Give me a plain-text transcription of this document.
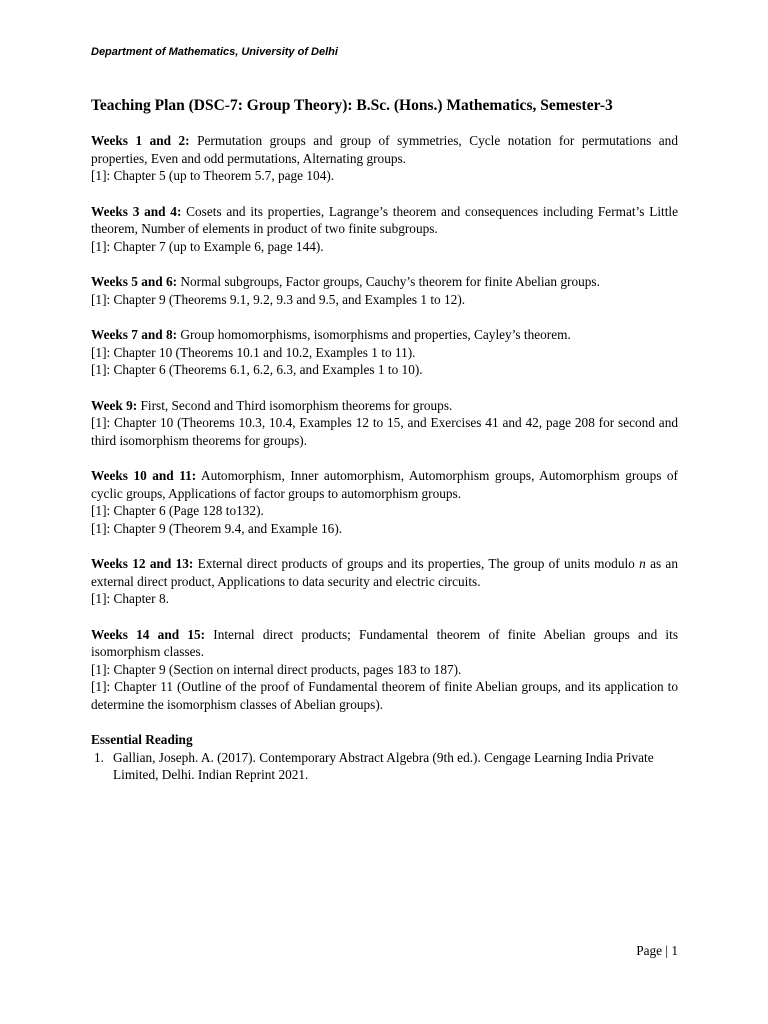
Department of Mathematics, University of Delhi
Teaching Plan (DSC-7: Group Theory): B.Sc. (Hons.) Mathematics, Semester-3

Weeks 1 and 2: Permutation groups and group of symmetries, Cycle notation for permutations and properties, Even and odd permutations, Alternating groups.

[1]: Chapter 5 (up to Theorem 5.7, page 104).

Weeks 3 and 4: Cosets and its properties, Lagrange’s theorem and consequences including Fermat’s Little theorem, Number of elements in product of two finite subgroups.

[1]: Chapter 7 (up to Example 6, page 144).

Weeks 5 and 6: Normal subgroups, Factor groups, Cauchy’s theorem for finite Abelian groups.

[1]: Chapter 9 (Theorems 9.1, 9.2, 9.3 and 9.5, and Examples 1 to 12).

Weeks 7 and 8: Group homomorphisms, isomorphisms and properties, Cayley’s theorem.

[1]: Chapter 10 (Theorems 10.1 and 10.2, Examples 1 to 11).

[1]: Chapter 6 (Theorems 6.1, 6.2, 6.3, and Examples 1 to 10).

Week 9: First, Second and Third isomorphism theorems for groups.

[1]: Chapter 10 (Theorems 10.3, 10.4, Examples 12 to 15, and Exercises 41 and 42, page 208 for second and third isomorphism theorems for groups).

Weeks 10 and 11: Automorphism, Inner automorphism, Automorphism groups, Automorphism groups of cyclic groups, Applications of factor groups to automorphism groups.

[1]: Chapter 6 (Page 128 to132).

[1]: Chapter 9 (Theorem 9.4, and Example 16).

Weeks 12 and 13: External direct products of groups and its properties, The group of units modulo n as an external direct product, Applications to data security and electric circuits.

[1]: Chapter 8.

Weeks 14 and 15: Internal direct products; Fundamental theorem of finite Abelian groups and its isomorphism classes.

[1]: Chapter 9 (Section on internal direct products, pages 183 to 187).

[1]: Chapter 11 (Outline of the proof of Fundamental theorem of finite Abelian groups, and its application to determine the isomorphism classes of Abelian groups).

Essential Reading

1. Gallian, Joseph. A. (2017). Contemporary Abstract Algebra (9th ed.). Cengage Learning India Private Limited, Delhi. Indian Reprint 2021.
Page | 1
